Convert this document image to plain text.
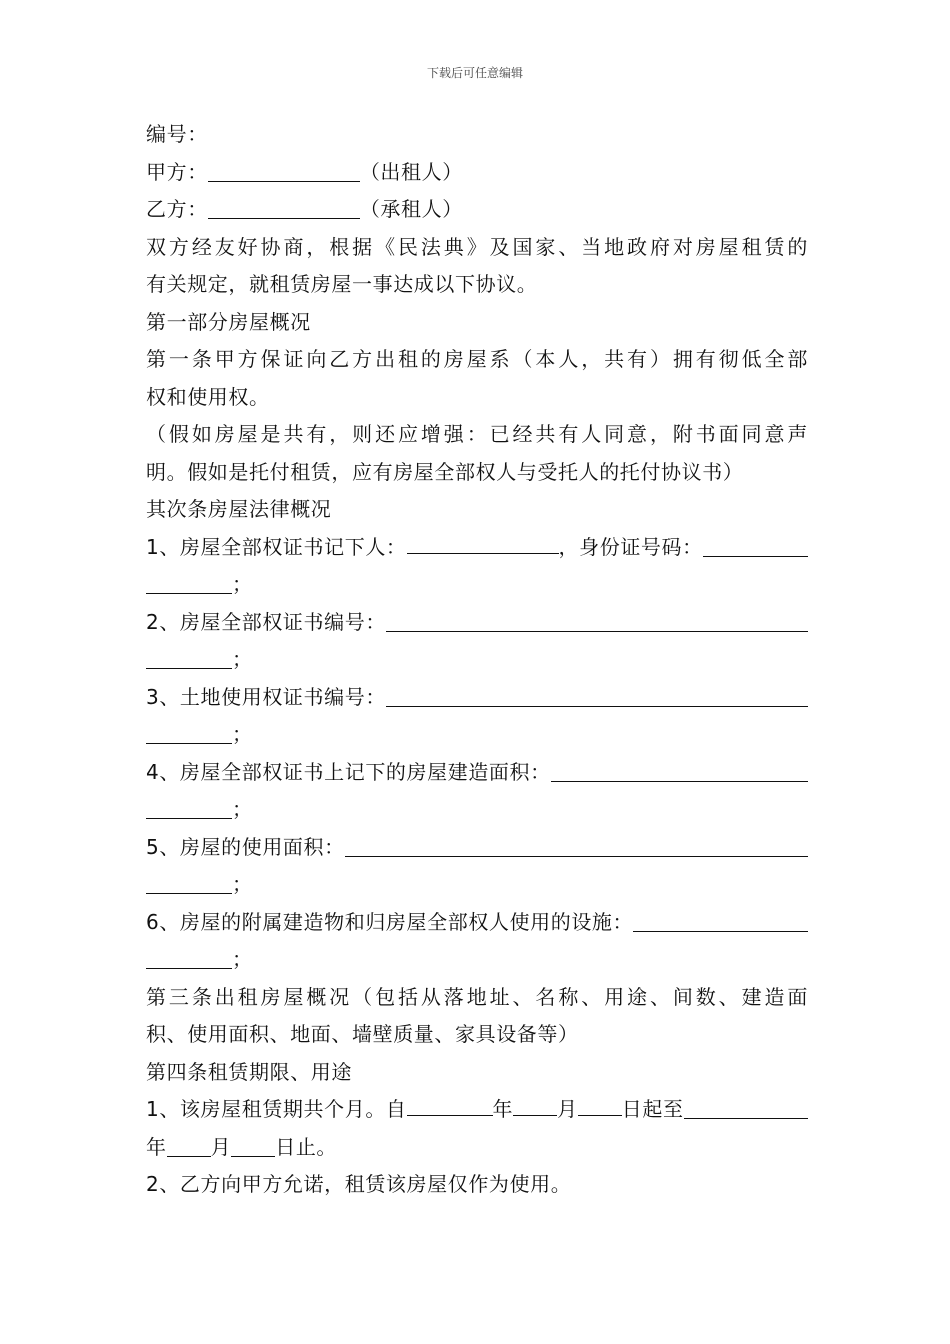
下载后可任意编辑
编号：
甲方：	（出租人）
乙方：	（承租人）
双方经友好协商，根据《民法典》及国家、当地政府对房屋租赁的
有关规定，就租赁房屋一事达成以下协议。
第一部分房屋概况
第一条甲方保证向乙方出租的房屋系（本人，共有）拥有彻低全部
权和使用权。
（假如房屋是共有，则还应增强：已经共有人同意，附书面同意声
明。假如是托付租赁，应有房屋全部权人与受托人的托付协议书）
其次条房屋法律概况
1、房屋全部权证书记下人：	，身份证号码：
；
2、房屋全部权证书编号：
；
3、土地使用权证书编号：
；
4、房屋全部权证书上记下的房屋建造面积：
；
5、房屋的使用面积：
；
6、房屋的附属建造物和归房屋全部权人使用的设施：
；
第三条出租房屋概况（包括从落地址、名称、用途、间数、建造面
积、使用面积、地面、墙壁质量、家具设备等）
第四条租赁期限、用途
1、该房屋租赁期共个月。自	年 月 日起至
年 月 日止。
2、乙方向甲方允诺，租赁该房屋仅作为使用。
